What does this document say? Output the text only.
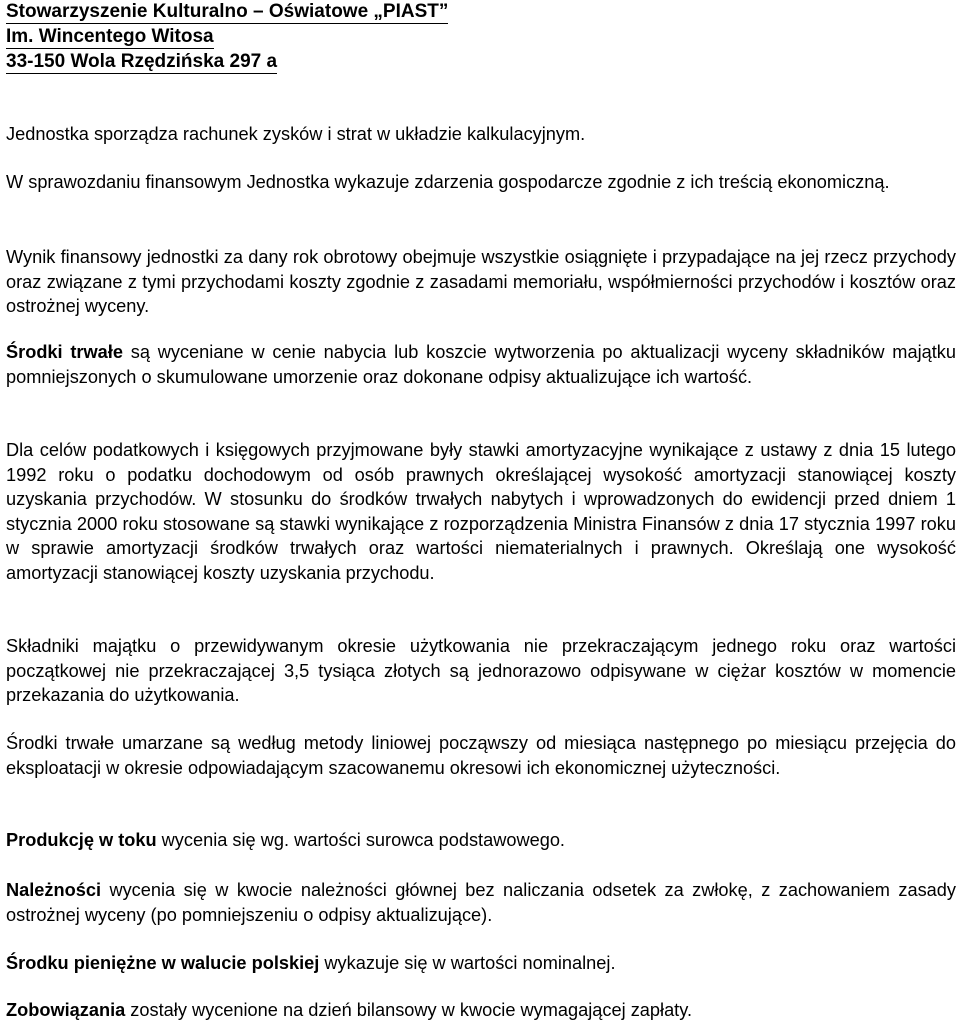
Stowarzyszenie Kulturalno – Oświatowe „PIAST”
Im. Wincentego Witosa
33-150 Wola Rzędzińska 297 a

Jednostka sporządza rachunek zysków i strat w układzie kalkulacyjnym.

W sprawozdaniu finansowym Jednostka wykazuje zdarzenia gospodarcze zgodnie z ich treścią ekonomiczną.

Wynik finansowy jednostki za dany rok obrotowy obejmuje wszystkie osiągnięte i przypadające na jej rzecz przychody oraz związane z tymi przychodami koszty zgodnie z zasadami memoriału, współmierności przychodów i kosztów oraz ostrożnej wyceny.

Środki trwałe są wyceniane w cenie nabycia lub koszcie wytworzenia po aktualizacji wyceny składników majątku pomniejszonych o skumulowane umorzenie oraz dokonane odpisy aktualizujące ich wartość.

Dla celów podatkowych i księgowych przyjmowane były stawki amortyzacyjne wynikające z ustawy z dnia 15 lutego 1992 roku o podatku dochodowym od osób prawnych określającej wysokość amortyzacji stanowiącej koszty uzyskania przychodów. W stosunku do środków trwałych nabytych i wprowadzonych do ewidencji przed dniem 1 stycznia 2000 roku stosowane są stawki wynikające z rozporządzenia Ministra Finansów z dnia 17 stycznia 1997 roku w sprawie amortyzacji środków trwałych oraz wartości niematerialnych i prawnych. Określają one wysokość amortyzacji stanowiącej koszty uzyskania przychodu.

Składniki majątku o przewidywanym okresie użytkowania nie przekraczającym jednego roku oraz wartości początkowej nie przekraczającej 3,5 tysiąca złotych są jednorazowo odpisywane w ciężar kosztów w momencie przekazania do użytkowania.

Środki trwałe umarzane są według metody liniowej począwszy od miesiąca następnego po miesiącu przejęcia do eksploatacji w okresie odpowiadającym szacowanemu okresowi ich ekonomicznej użyteczności.

Produkcję w toku wycenia się wg. wartości surowca podstawowego.

Należności wycenia się w kwocie należności głównej bez naliczania odsetek za zwłokę, z zachowaniem zasady ostrożnej wyceny (po pomniejszeniu o odpisy aktualizujące).

Środku pieniężne w walucie polskiej wykazuje się w wartości nominalnej.

Zobowiązania zostały wycenione na dzień bilansowy w kwocie wymagającej zapłaty.
